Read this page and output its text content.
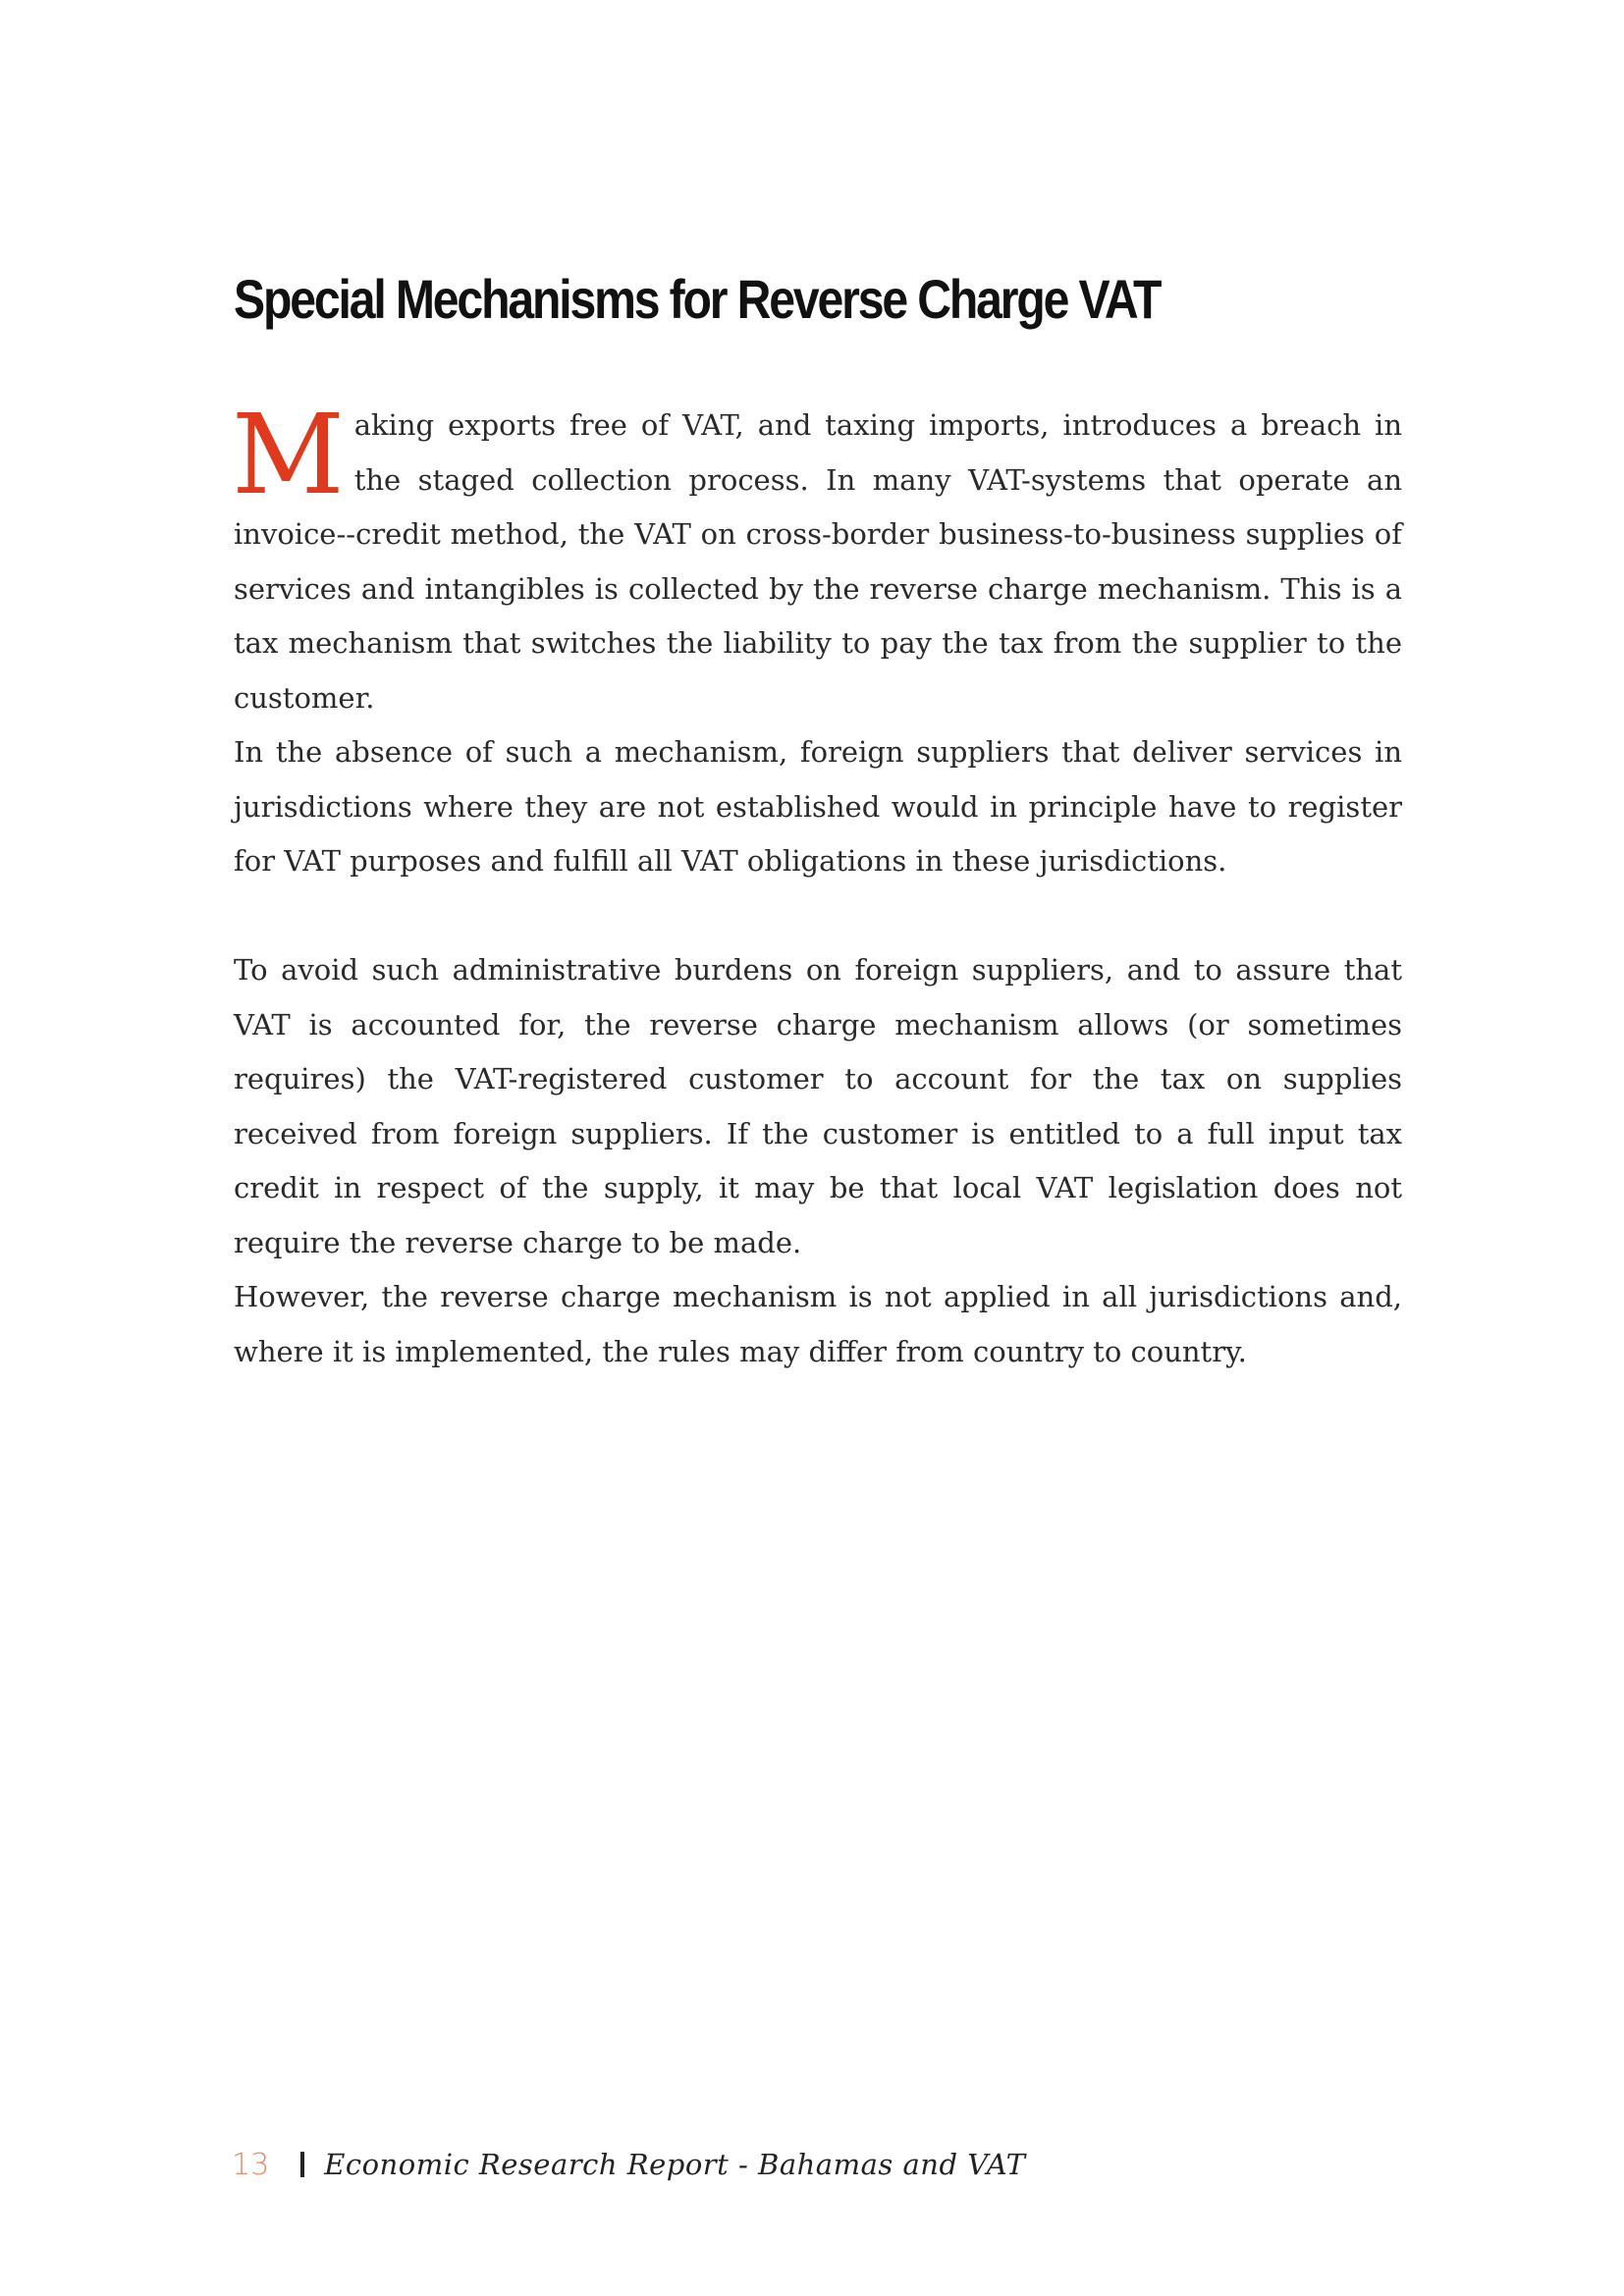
Special Mechanisms for Reverse Charge VAT

Making exports free of VAT, and taxing imports, introduces a breach in the staged collection process. In many VAT-systems that operate an invoice--credit method, the VAT on cross-border business-to-business supplies of services and intangibles is collected by the reverse charge mechanism. This is a tax mechanism that switches the liability to pay the tax from the supplier to the customer.

In the absence of such a mechanism, foreign suppliers that deliver services in jurisdictions where they are not established would in principle have to register for VAT purposes and fulfill all VAT obligations in these jurisdictions.

To avoid such administrative burdens on foreign suppliers, and to assure that VAT is accounted for, the reverse charge mechanism allows (or sometimes requires) the VAT-registered customer to account for the tax on supplies received from foreign suppliers. If the customer is entitled to a full input tax credit in respect of the supply, it may be that local VAT legislation does not require the reverse charge to be made.

However, the reverse charge mechanism is not applied in all jurisdictions and, where it is implemented, the rules may differ from country to country.

13 Economic Research Report - Bahamas and VAT
